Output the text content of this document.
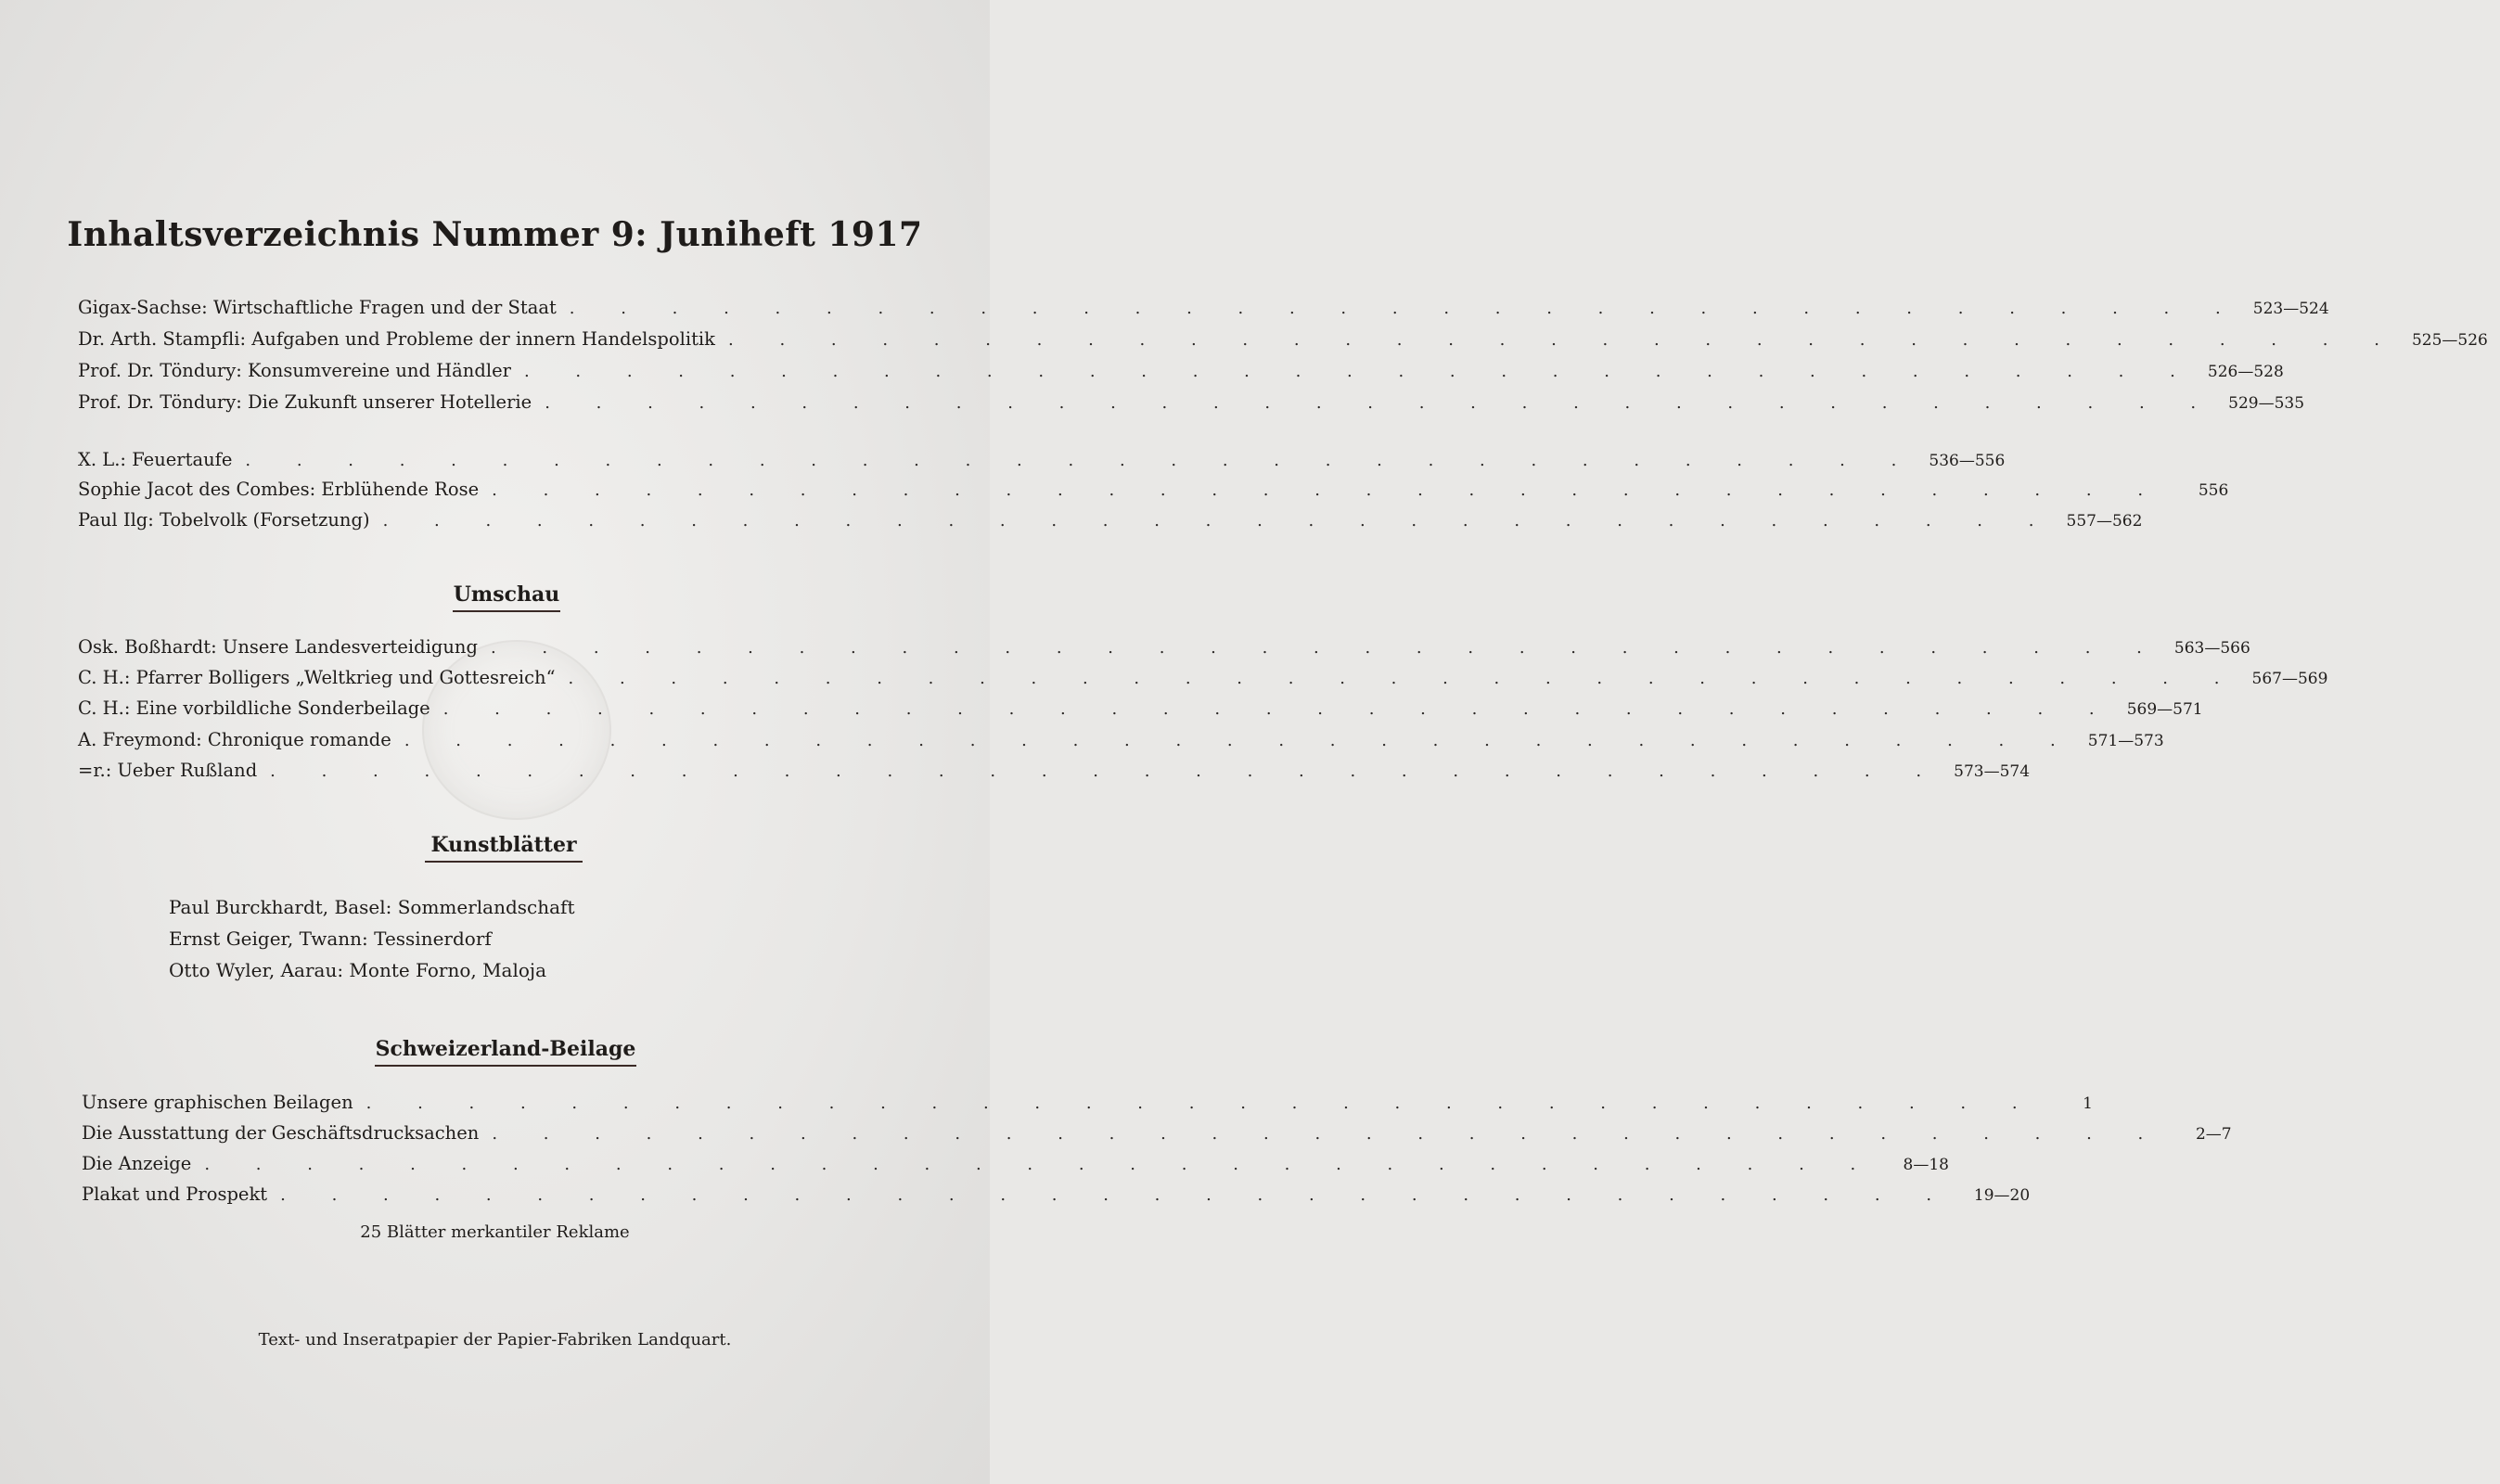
Inhaltsverzeichnis Nummer 9: Juniheft 1917
Gigax-Sachse: Wirtschaftliche Fragen und der Staat . . . . . . . . . . . . . . . . . . . . . . . . . . . . . . . . . 523—524
Dr. Arth. Stampfli: Aufgaben und Probleme der innern Handelspolitik . . . . . . . . . . . . . . . . . . . . . . . . . . . . . . . . . 525—526
Prof. Dr. Töndury: Konsumvereine und Händler . . . . . . . . . . . . . . . . . . . . . . . . . . . . . . . . . 526—528
Prof. Dr. Töndury: Die Zukunft unserer Hotellerie . . . . . . . . . . . . . . . . . . . . . . . . . . . . . . . . . 529—535
X. L.: Feuertaufe . . . . . . . . . . . . . . . . . . . . . . . . . . . . . . . . . 536—556
Sophie Jacot des Combes: Erblühende Rose . . . . . . . . . . . . . . . . . . . . . . . . . . . . . . . . .	556
Paul Ilg: Tobelvolk (Forsetzung) . . . . . . . . . . . . . . . . . . . . . . . . . . . . . . . . . 557—562
Umschau
Osk. Boßhardt: Unsere Landesverteidigung . . . . . . . . . . . . . . . . . . . . . . . . . . . . . . . . . 563—566
C. H.: Pfarrer Bolligers „Weltkrieg und Gottesreich“ . . . . . . . . . . . . . . . . . . . . . . . . . . . . . . . . . 567—569
C. H.: Eine vorbildliche Sonderbeilage . . . . . . . . . . . . . . . . . . . . . . . . . . . . . . . . . 569—571
A. Freymond: Chronique romande . . . . . . . . . . . . . . . . . . . . . . . . . . . . . . . . . 571—573
=r.: Ueber Rußland . . . . . . . . . . . . . . . . . . . . . . . . . . . . . . . . . 573—574
Kunstblätter
Paul Burckhardt, Basel: Sommerlandschaft
Ernst Geiger, Twann: Tessinerdorf
Otto Wyler, Aarau: Monte Forno, Maloja
Schweizerland-Beilage
Unsere graphischen Beilagen . . . . . . . . . . . . . . . . . . . . . . . . . . . . . . . . .	1
Die Ausstattung der Geschäftsdrucksachen . . . . . . . . . . . . . . . . . . . . . . . . . . . . . . . . .	2—7
Die Anzeige . . . . . . . . . . . . . . . . . . . . . . . . . . . . . . . . .	8—18
Plakat und Prospekt . . . . . . . . . . . . . . . . . . . . . . . . . . . . . . . . .	19—20
25 Blätter merkantiler Reklame
Text- und Inseratpapier der Papier-Fabriken Landquart.
